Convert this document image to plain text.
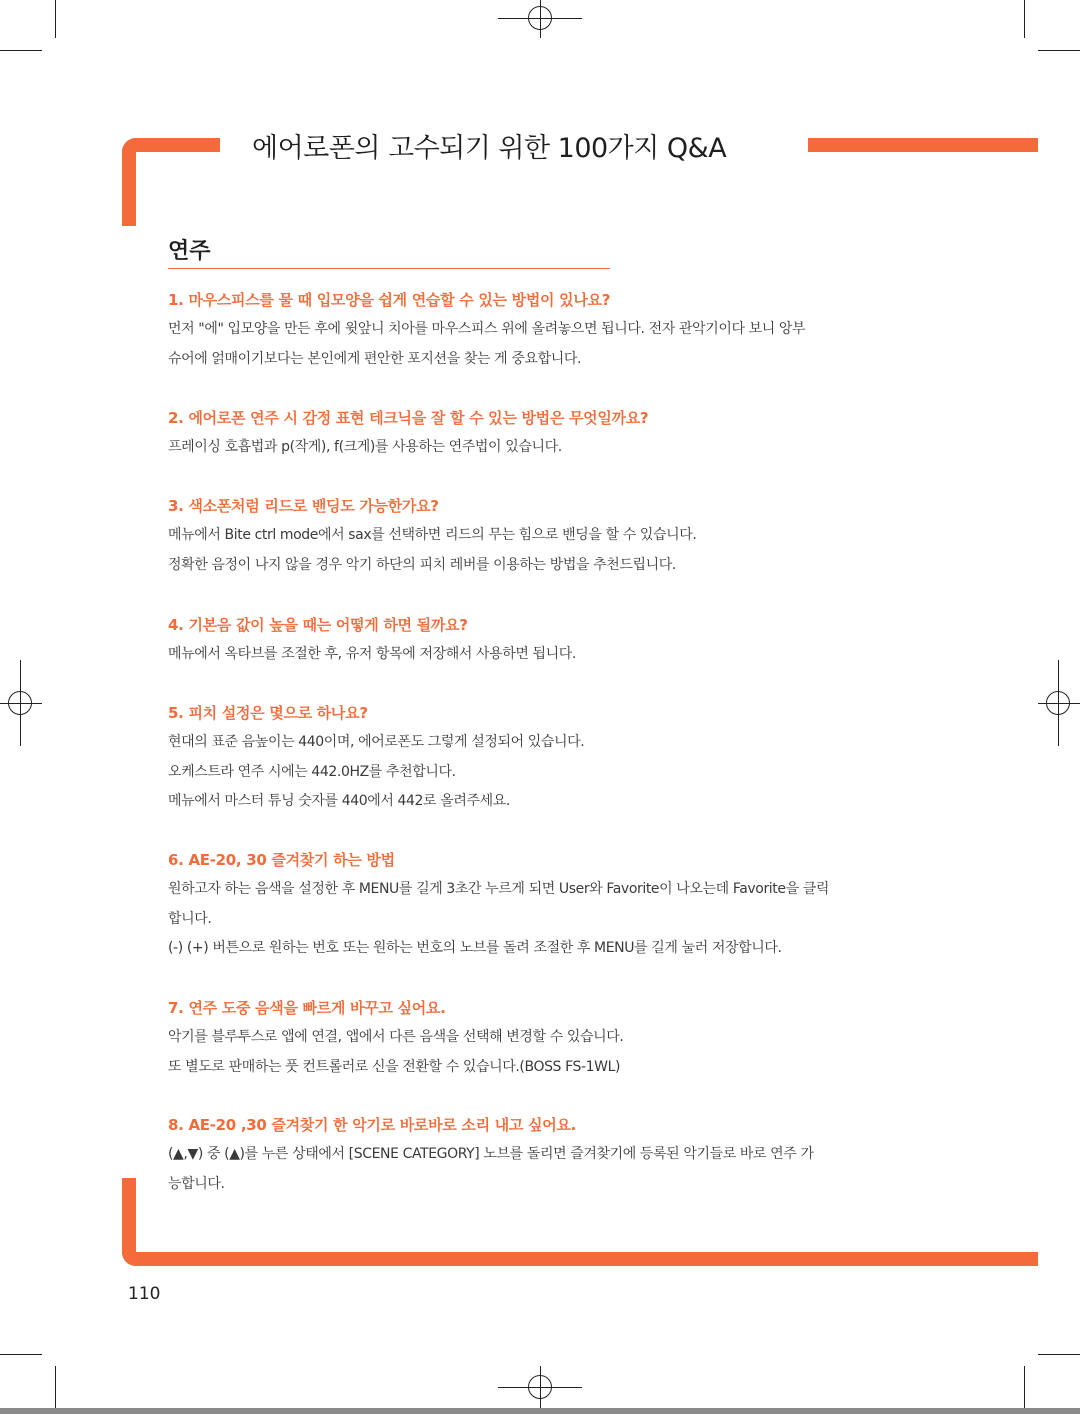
에어로폰의 고수되기 위한 100가지 Q&A
연주
1. 마우스피스를 물 때 입모양을 쉽게 연습할 수 있는 방법이 있나요?
먼저 "에" 입모양을 만든 후에 윗앞니 치아를 마우스피스 위에 올려놓으면 됩니다. 전자 관악기이다 보니 앙부
슈어에 얽매이기보다는 본인에게 편안한 포지션을 찾는 게 중요합니다.
2. 에어로폰 연주 시 감정 표현 테크닉을 잘 할 수 있는 방법은 무엇일까요?
프레이싱 호흡법과 p(작게), f(크게)를 사용하는 연주법이 있습니다.
3. 색소폰처럼 리드로 밴딩도 가능한가요?
메뉴에서 Bite ctrl mode에서 sax를 선택하면 리드의 무는 힘으로 밴딩을 할 수 있습니다.
정확한 음정이 나지 않을 경우 악기 하단의 피치 레버를 이용하는 방법을 추천드립니다.
4. 기본음 값이 높을 때는 어떻게 하면 될까요?
메뉴에서 옥타브를 조절한 후, 유저 항목에 저장해서 사용하면 됩니다.
5. 피치 설정은 몇으로 하나요?
현대의 표준 음높이는 440이며, 에어로폰도 그렇게 설정되어 있습니다.
오케스트라 연주 시에는 442.0HZ를 추천합니다.
메뉴에서 마스터 튜닝 숫자를 440에서 442로 올려주세요.
6. AE-20, 30 즐겨찾기 하는 방법
원하고자 하는 음색을 설정한 후 MENU를 길게 3초간 누르게 되면 User와 Favorite이 나오는데 Favorite을 클릭
합니다.
(-) (+) 버튼으로 원하는 번호 또는 원하는 번호의 노브를 돌려 조절한 후 MENU를 길게 눌러 저장합니다.
7. 연주 도중 음색을 빠르게 바꾸고 싶어요.
악기를 블루투스로 앱에 연결, 앱에서 다른 음색을 선택해 변경할 수 있습니다.
또 별도로 판매하는 풋 컨트롤러로 신을 전환할 수 있습니다.(BOSS FS-1WL)
8. AE-20 ,30 즐겨찾기 한 악기로 바로바로 소리 내고 싶어요.
(▲,▼) 중 (▲)를 누른 상태에서 [SCENE CATEGORY] 노브를 돌리면 즐겨찾기에 등록된 악기들로 바로 연주 가
능합니다.
110
